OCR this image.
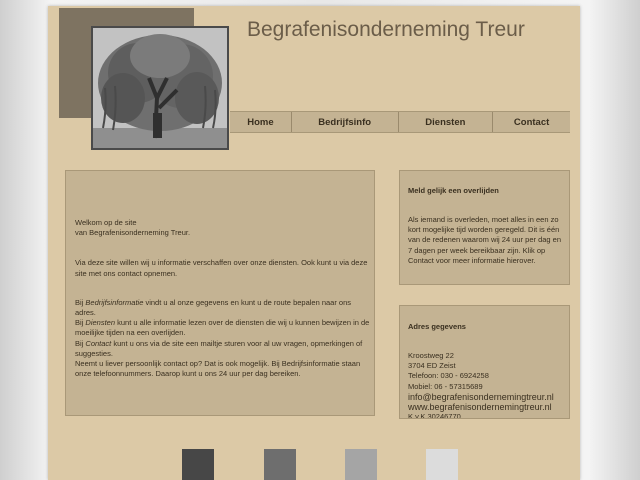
Begrafenisonderneming Treur
Home	Bedrijfsinfo	Diensten	Contact

Welkom op de site

van Begrafenisonderneming Treur.

Via deze site willen wij u informatie verschaffen over onze diensten. Ook kunt u via deze site met ons contact opnemen.

Bij Bedrijfsinformatie vindt u al onze gegevens en kunt u de route bepalen naar ons adres.

Bij Diensten kunt u alle informatie lezen over de diensten die wij u kunnen bewijzen in de moeilijke tijden na een overlijden.

Bij Contact kunt u ons via de site een mailtje sturen voor al uw vragen, opmerkingen of suggesties.

Neemt u liever persoonlijk contact op? Dat is ook mogelijk. Bij Bedrijfsinformatie staan onze telefoonnummers. Daarop kunt u ons 24 uur per dag bereiken.

Meld gelijk een overlijden
Als iemand is overleden, moet alles in een zo kort mogelijke tijd worden geregeld. Dit is één van de redenen waarom wij 24 uur per dag en 7 dagen per week bereikbaar zijn. Klik op Contact voor meer informatie hierover.
Adres gegevens
Kroostweg 22
3704 ED Zeist
Telefoon: 030 - 6924258
Mobiel: 06 - 57315689
info@begrafenisondernemingtreur.nl
www.begrafenisondernemingtreur.nl
K.v.K 30246770
